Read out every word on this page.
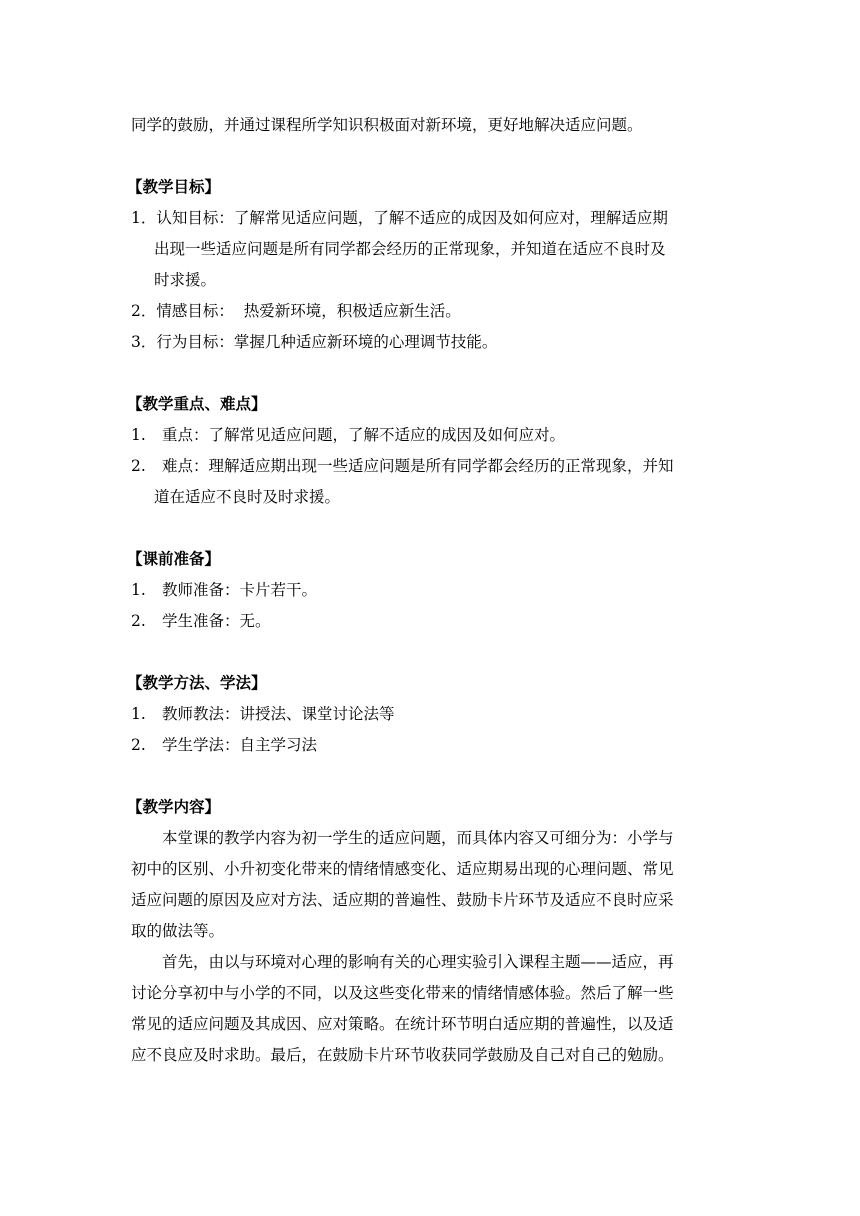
同学的鼓励，并通过课程所学知识积极面对新环境，更好地解决适应问题。
【教学目标】
1．认知目标：了解常见适应问题，了解不适应的成因及如何应对，理解适应期
出现一些适应问题是所有同学都会经历的正常现象，并知道在适应不良时及
时求援。
2．情感目标：  热爱新环境，积极适应新生活。
3．行为目标：掌握几种适应新环境的心理调节技能。
【教学重点、难点】
1. 重点：了解常见适应问题，了解不适应的成因及如何应对。
2. 难点：理解适应期出现一些适应问题是所有同学都会经历的正常现象，并知
道在适应不良时及时求援。
【课前准备】
1. 教师准备：卡片若干。
2. 学生准备：无。
【教学方法、学法】
1. 教师教法：讲授法、课堂讨论法等
2. 学生学法：自主学习法
【教学内容】
本堂课的教学内容为初一学生的适应问题，而具体内容又可细分为：小学与
初中的区别、小升初变化带来的情绪情感变化、适应期易出现的心理问题、常见
适应问题的原因及应对方法、适应期的普遍性、鼓励卡片环节及适应不良时应采
取的做法等。
首先，由以与环境对心理的影响有关的心理实验引入课程主题——适应，再
讨论分享初中与小学的不同，以及这些变化带来的情绪情感体验。然后了解一些
常见的适应问题及其成因、应对策略。在统计环节明白适应期的普遍性，以及适
应不良应及时求助。最后，在鼓励卡片环节收获同学鼓励及自己对自己的勉励。
